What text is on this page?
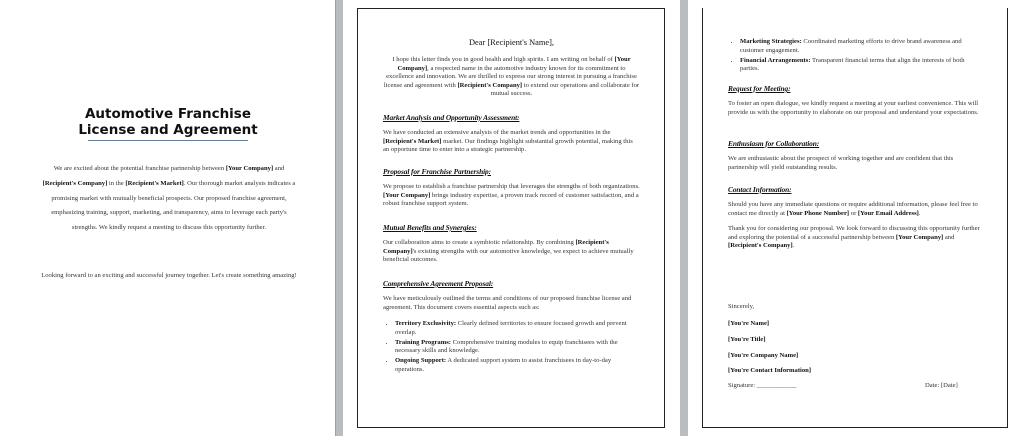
Automotive Franchise
License and Agreement

We are excited about the potential franchise partnership between [Your Company] and [Recipient's Company] in the [Recipient's Market]. Our thorough market analysis indicates a promising market with mutually beneficial prospects. Our proposed franchise agreement, emphasizing training, support, marketing, and transparency, aims to leverage each party's strengths. We kindly request a meeting to discuss this opportunity further.

Looking forward to an exciting and successful journey together. Let's create something amazing!

Dear [Recipient's Name],

I hope this letter finds you in good health and high spirits. I am writing on behalf of [Your Company], a respected name in the automotive industry known for its commitment to excellence and innovation. We are thrilled to express our strong interest in pursuing a franchise license and agreement with [Recipient's Company] to extend our operations and collaborate for mutual success.

Market Analysis and Opportunity Assessment:

We have conducted an extensive analysis of the market trends and opportunities in the [Recipient's Market] market. Our findings highlight substantial growth potential, making this an opportune time to enter into a strategic partnership.

Proposal for Franchise Partnership:

We propose to establish a franchise partnership that leverages the strengths of both organizations. [Your Company] brings industry expertise, a proven track record of customer satisfaction, and a robust franchise support system.

Mutual Benefits and Synergies:

Our collaboration aims to create a symbiotic relationship. By combining [Recipient's Company]'s existing strengths with our automotive knowledge, we expect to achieve mutually beneficial outcomes.

Comprehensive Agreement Proposal:

We have meticulously outlined the terms and conditions of our proposed franchise license and agreement. This document covers essential aspects such as:

• Territory Exclusivity: Clearly defined territories to ensure focused growth and prevent overlap.
• Training Programs: Comprehensive training modules to equip franchisees with the necessary skills and knowledge.
• Ongoing Support: A dedicated support system to assist franchisees in day-to-day operations.
• Marketing Strategies: Coordinated marketing efforts to drive brand awareness and customer engagement.
• Financial Arrangements: Transparent financial terms that align the interests of both parties.

Request for Meeting:

To foster an open dialogue, we kindly request a meeting at your earliest convenience. This will provide us with the opportunity to elaborate on our proposal and understand your expectations.

Enthusiasm for Collaboration:

We are enthusiastic about the prospect of working together and are confident that this partnership will yield outstanding results.

Contact Information:

Should you have any immediate questions or require additional information, please feel free to contact me directly at [Your Phone Number] or [Your Email Address].

Thank you for considering our proposal. We look forward to discussing this opportunity further and exploring the potential of a successful partnership between [Your Company] and [Recipient's Company].

Sincerely,
[You're Name]
[You're Title]
[You're Company Name]
[You're Contact Information]
Signature: ____________	Date: [Date]
